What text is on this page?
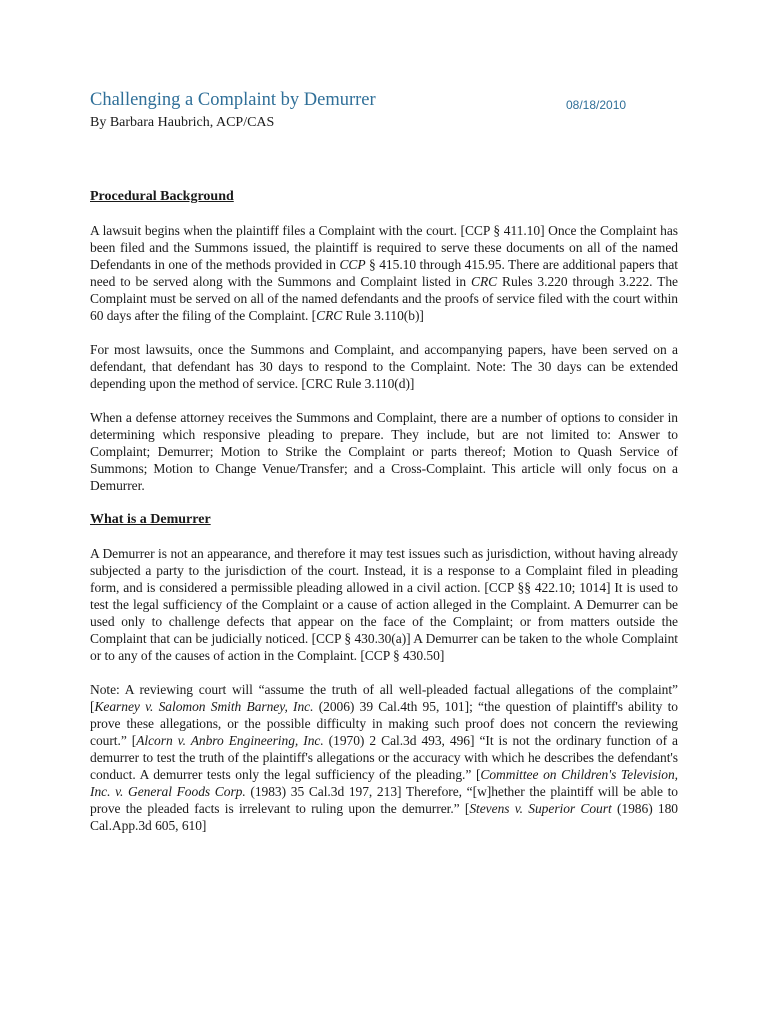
Challenging a Complaint by Demurrer	08/18/2010
By Barbara Haubrich, ACP/CAS
Procedural Background

A lawsuit begins when the plaintiff files a Complaint with the court. [CCP § 411.10] Once the Complaint has been filed and the Summons issued, the plaintiff is required to serve these documents on all of the named Defendants in one of the methods provided in CCP § 415.10 through 415.95. There are additional papers that need to be served along with the Summons and Complaint listed in CRC Rules 3.220 through 3.222. The Complaint must be served on all of the named defendants and the proofs of service filed with the court within 60 days after the filing of the Complaint. [CRC Rule 3.110(b)]

For most lawsuits, once the Summons and Complaint, and accompanying papers, have been served on a defendant, that defendant has 30 days to respond to the Complaint. Note: The 30 days can be extended depending upon the method of service. [CRC Rule 3.110(d)]

When a defense attorney receives the Summons and Complaint, there are a number of options to consider in determining which responsive pleading to prepare. They include, but are not limited to: Answer to Complaint; Demurrer; Motion to Strike the Complaint or parts thereof; Motion to Quash Service of Summons; Motion to Change Venue/Transfer; and a Cross-Complaint. This article will only focus on a Demurrer.

What is a Demurrer

A Demurrer is not an appearance, and therefore it may test issues such as jurisdiction, without having already subjected a party to the jurisdiction of the court. Instead, it is a response to a Complaint filed in pleading form, and is considered a permissible pleading allowed in a civil action. [CCP §§ 422.10; 1014] It is used to test the legal sufficiency of the Complaint or a cause of action alleged in the Complaint. A Demurrer can be used only to challenge defects that appear on the face of the Complaint; or from matters outside the Complaint that can be judicially noticed. [CCP § 430.30(a)] A Demurrer can be taken to the whole Complaint or to any of the causes of action in the Complaint. [CCP § 430.50]

Note: A reviewing court will “assume the truth of all well-pleaded factual allegations of the complaint” [Kearney v. Salomon Smith Barney, Inc. (2006) 39 Cal.4th 95, 101]; “the question of plaintiff's ability to prove these allegations, or the possible difficulty in making such proof does not concern the reviewing court.” [Alcorn v. Anbro Engineering, Inc. (1970) 2 Cal.3d 493, 496] “It is not the ordinary function of a demurrer to test the truth of the plaintiff's allegations or the accuracy with which he describes the defendant's conduct. A demurrer tests only the legal sufficiency of the pleading.” [Committee on Children's Television, Inc. v. General Foods Corp. (1983) 35 Cal.3d 197, 213] Therefore, “[w]hether the plaintiff will be able to prove the pleaded facts is irrelevant to ruling upon the demurrer.” [Stevens v. Superior Court (1986) 180 Cal.App.3d 605, 610]
